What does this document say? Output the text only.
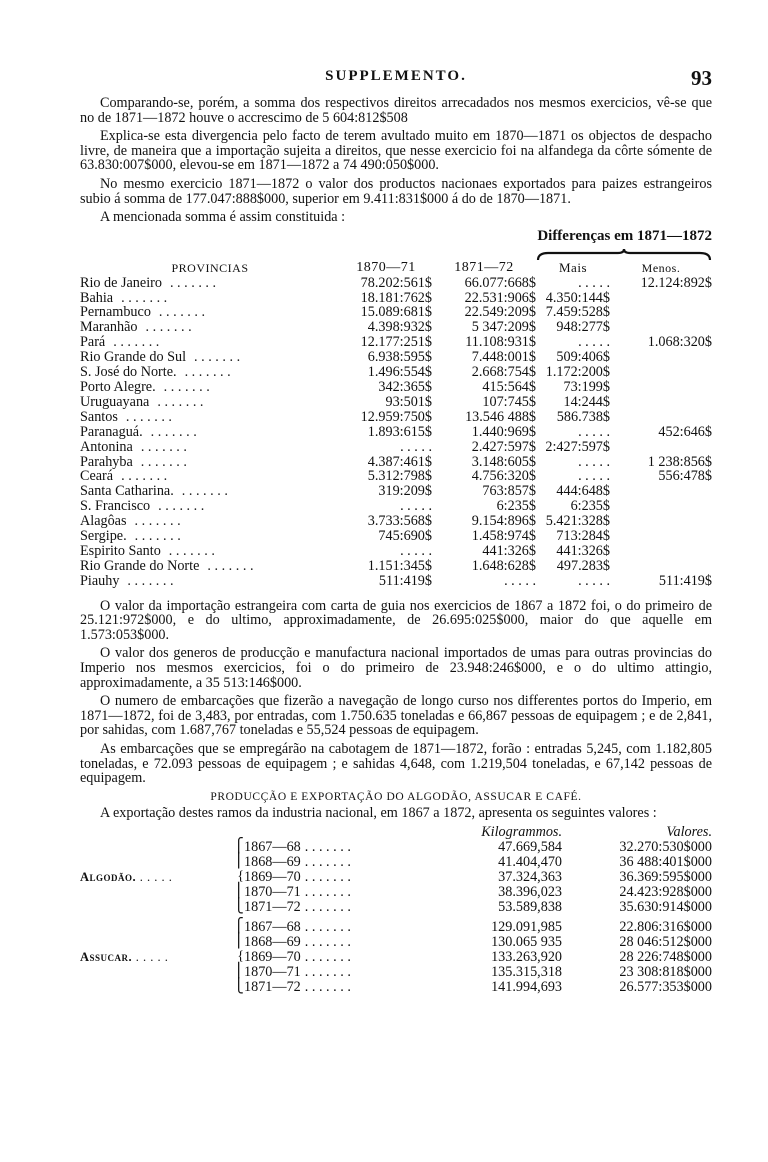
SUPPLEMENTO.	93

Comparando-se, porém, a somma dos respectivos direitos arrecadados nos mesmos exercicios, vê-se que no de 1871—1872 houve o accrescimo de 5 604:812$508

Explica-se esta divergencia pelo facto de terem avultado muito em 1870—1871 os objectos de despacho livre, de maneira que a importação sujeita a direitos, que nesse exercicio foi na alfandega da côrte sómente de 63.830:007$000, elevou-se em 1871—1872 a 74 490:050$000.

No mesmo exercicio 1871—1872 o valor dos productos nacionaes exportados para paizes estrangeiros subio á somma de 177.047:888$000, superior em 9.411:831$000 á do de 1870—1871.

A mencionada somma é assim constituida :

Differenças em 1871—1872
PROVINCIAS	1870—71	1871—72	Mais	Menos.
Rio de Janeiro . . . . . . .	78.202:561$	66.077:668$	. . . . .	12.124:892$
Bahia . . . . . . .	18.181:762$	22.531:906$	4.350:144$	
Pernambuco . . . . . . .	15.089:681$	22.549:209$	7.459:528$	
Maranhão . . . . . . .	4.398:932$	5 347:209$	948:277$	
Pará . . . . . . .	12.177:251$	11.108:931$	. . . . .	1.068:320$
Rio Grande do Sul . . . . . . .	6.938:595$	7.448:001$	509:406$	
S. José do Norte. . . . . . . .	1.496:554$	2.668:754$	1.172:200$	
Porto Alegre. . . . . . . .	342:365$	415:564$	73:199$	
Uruguayana . . . . . . .	93:501$	107:745$	14:244$	
Santos . . . . . . .	12.959:750$	13.546 488$	586.738$	
Paranaguá. . . . . . . .	1.893:615$	1.440:969$	. . . . .	452:646$
Antonina . . . . . . .	. . . . .	2.427:597$	2:427:597$	
Parahyba . . . . . . .	4.387:461$	3.148:605$	. . . . .	1 238:856$
Ceará . . . . . . .	5.312:798$	4.756:320$	. . . . .	556:478$
Santa Catharina. . . . . . . .	319:209$	763:857$	444:648$	
S. Francisco . . . . . . .	. . . . .	6:235$	6:235$	
Alagôas . . . . . . .	3.733:568$	9.154:896$	5.421:328$	
Sergipe. . . . . . . .	745:690$	1.458:974$	713:284$	
Espirito Santo . . . . . . .	. . . . .	441:326$	441:326$	
Rio Grande do Norte . . . . . . .	1.151:345$	1.648:628$	497.283$	
Piauhy . . . . . . .	511:419$	. . . . .	. . . . .	511:419$

O valor da importação estrangeira com carta de guia nos exercicios de 1867 a 1872 foi, o do primeiro de 25.121:972$000, e do ultimo, approximadamente, de 26.695:025$000, maior do que aquelle em 1.573:053$000.

O valor dos generos de producção e manufactura nacional importados de umas para outras provincias do Imperio nos mesmos exercicios, foi o do primeiro de 23.948:246$000, e o do ultimo attingio, approximadamente, a 35 513:146$000.

O numero de embarcações que fizerão a navegação de longo curso nos differentes portos do Imperio, em 1871—1872, foi de 3,483, por entradas, com 1.750.635 toneladas e 66,867 pessoas de equipagem ; e de 2,841, por sahidas, com 1.687,767 toneladas e 55,524 pessoas de equipagem.

As embarcações que se empregárão na cabotagem de 1871—1872, forão : entradas 5,245, com 1.182,805 toneladas, e 72.093 pessoas de equipagem ; e sahidas 4,648, com 1.219,504 toneladas, e 67,142 pessoas de equipagem.

PRODUCÇÃO E EXPORTAÇÃO DO ALGODÃO, ASSUCAR E CAFÉ.

A exportação destes ramos da industria nacional, em 1867 a 1872, apresenta os seguintes valores :

			Kilogrammos.	Valores.
	⎧	1867—68 . . . . . . .	47.669,584	32.270:530$000
	⎪	1868—69 . . . . . . .	41.404,470	36 488:401$000
Algodão. . . . . .	{	1869—70 . . . . . . .	37.324,363	36.369:595$000
	⎪	1870—71 . . . . . . .	38.396,023	24.423:928$000
	⎩	1871—72 . . . . . . .	53.589,838	35.630:914$000

	⎧	1867—68 . . . . . . .	129.091,985	22.806:316$000
	⎪	1868—69 . . . . . . .	130.065 935	28 046:512$000
Assucar. . . . . .	{	1869—70 . . . . . . .	133.263,920	28 226:748$000
	⎪	1870—71 . . . . . . .	135.315,318	23 308:818$000
	⎩	1871—72 . . . . . . .	141.994,693	26.577:353$000
